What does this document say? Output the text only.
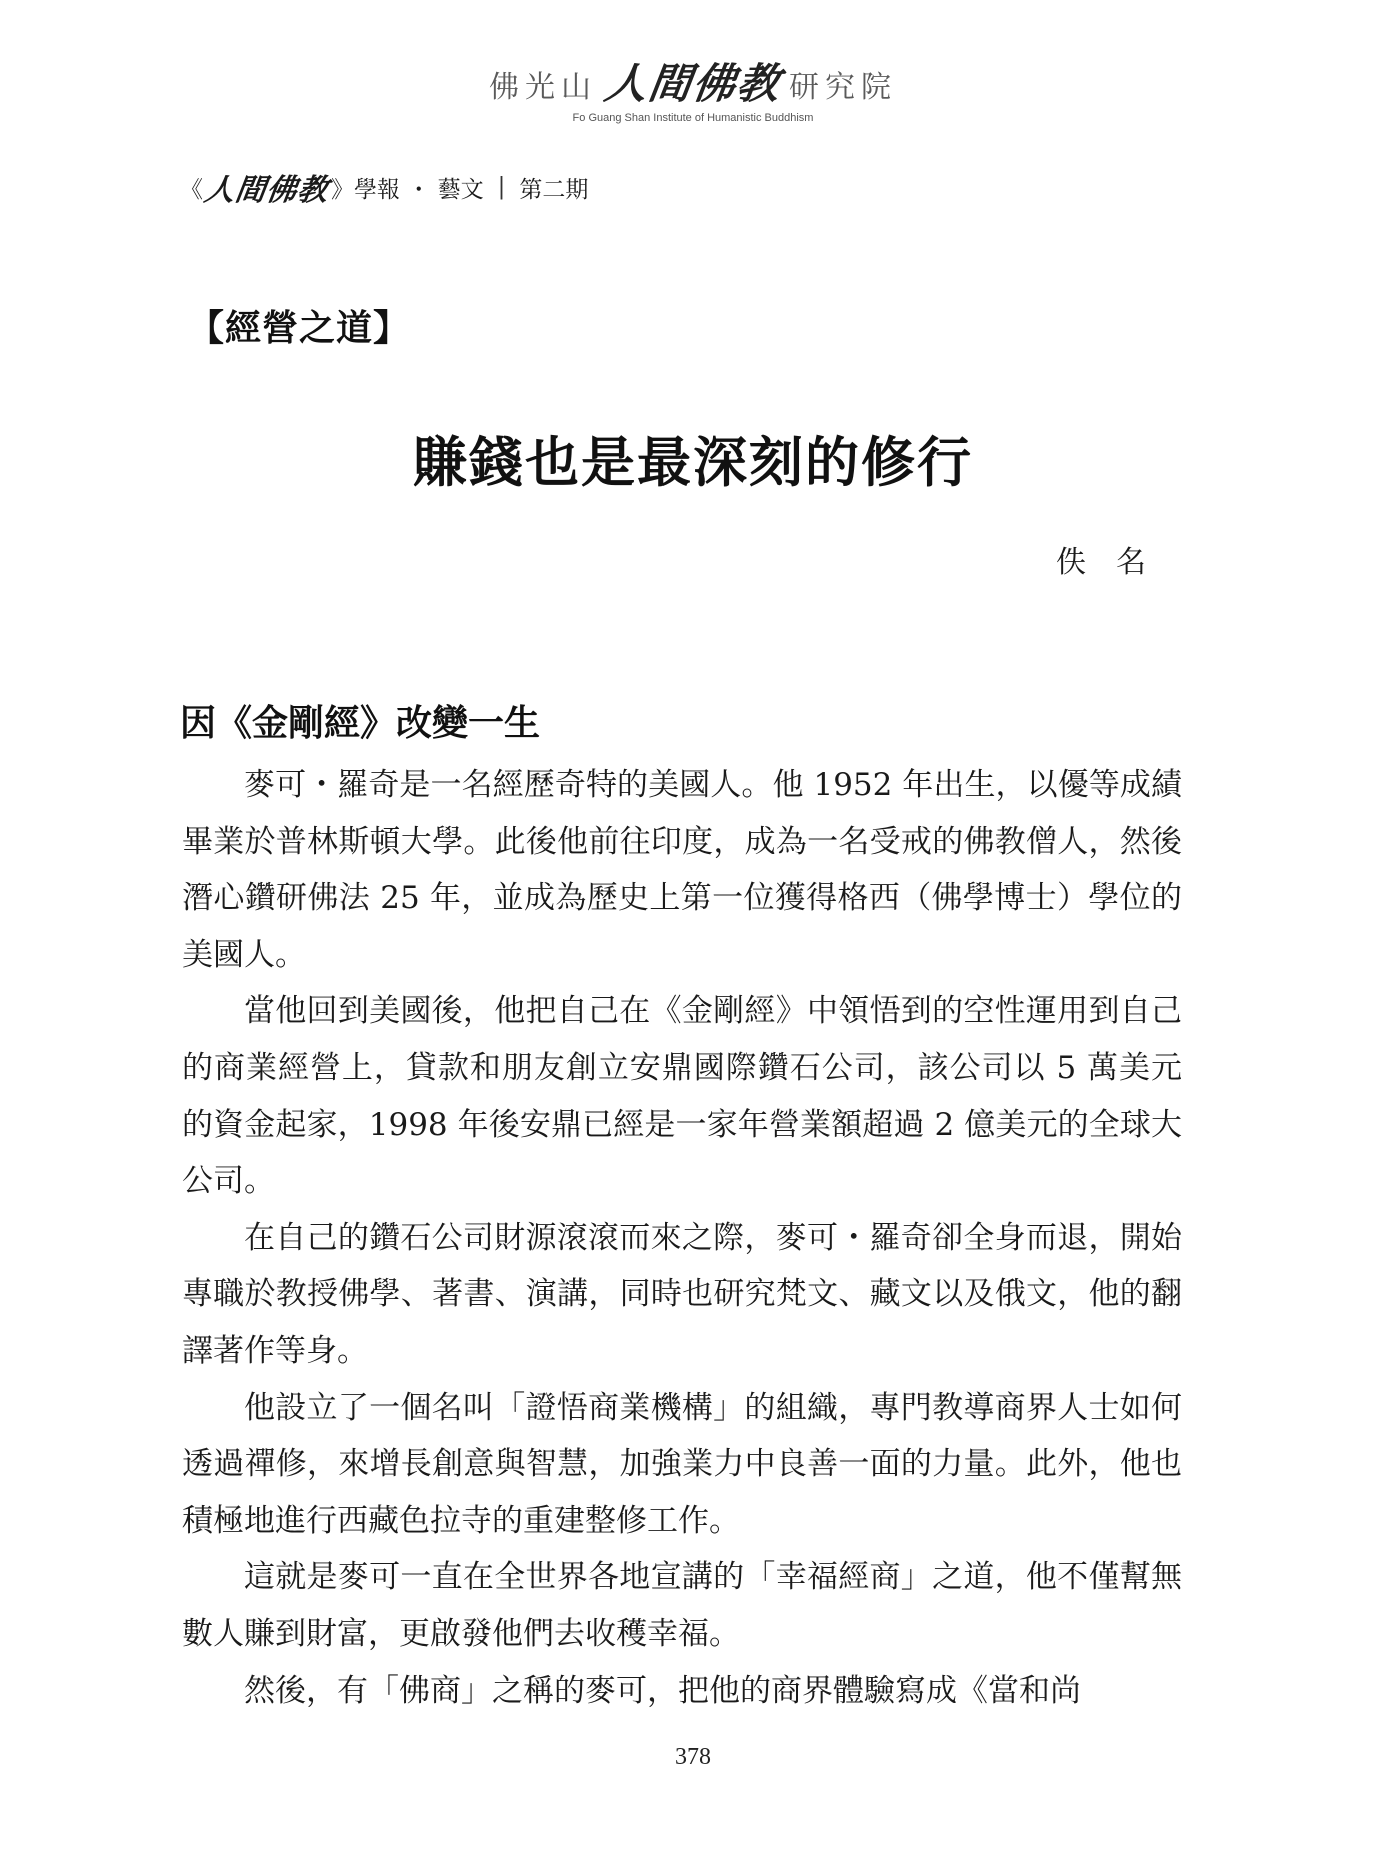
佛光山 人間佛教 研究院
Fo Guang Shan Institute of Humanistic Buddhism
《 人間佛教 》學報 ・ 藝文 | 第二期
【經營之道】
賺錢也是最深刻的修行
佚名
因《金剛經》改變一生

麥可・羅奇是一名經歷奇特的美國人。他 1952 年出生，以優等成績畢業於普林斯頓大學。此後他前往印度，成為一名受戒的佛教僧人，然後潛心鑽研佛法 25 年，並成為歷史上第一位獲得格西（佛學博士）學位的美國人。

當他回到美國後，他把自己在《金剛經》中領悟到的空性運用到自己的商業經營上，貸款和朋友創立安鼎國際鑽石公司，該公司以 5 萬美元的資金起家，1998 年後安鼎已經是一家年營業額超過 2 億美元的全球大公司。

在自己的鑽石公司財源滾滾而來之際，麥可・羅奇卻全身而退，開始專職於教授佛學、著書、演講，同時也研究梵文、藏文以及俄文，他的翻譯著作等身。

他設立了一個名叫「證悟商業機構」的組織，專門教導商界人士如何透過禪修，來增長創意與智慧，加強業力中良善一面的力量。此外，他也積極地進行西藏色拉寺的重建整修工作。

這就是麥可一直在全世界各地宣講的「幸福經商」之道，他不僅幫無數人賺到財富，更啟發他們去收穫幸福。

然後，有「佛商」之稱的麥可，把他的商界體驗寫成《當和尚

378
